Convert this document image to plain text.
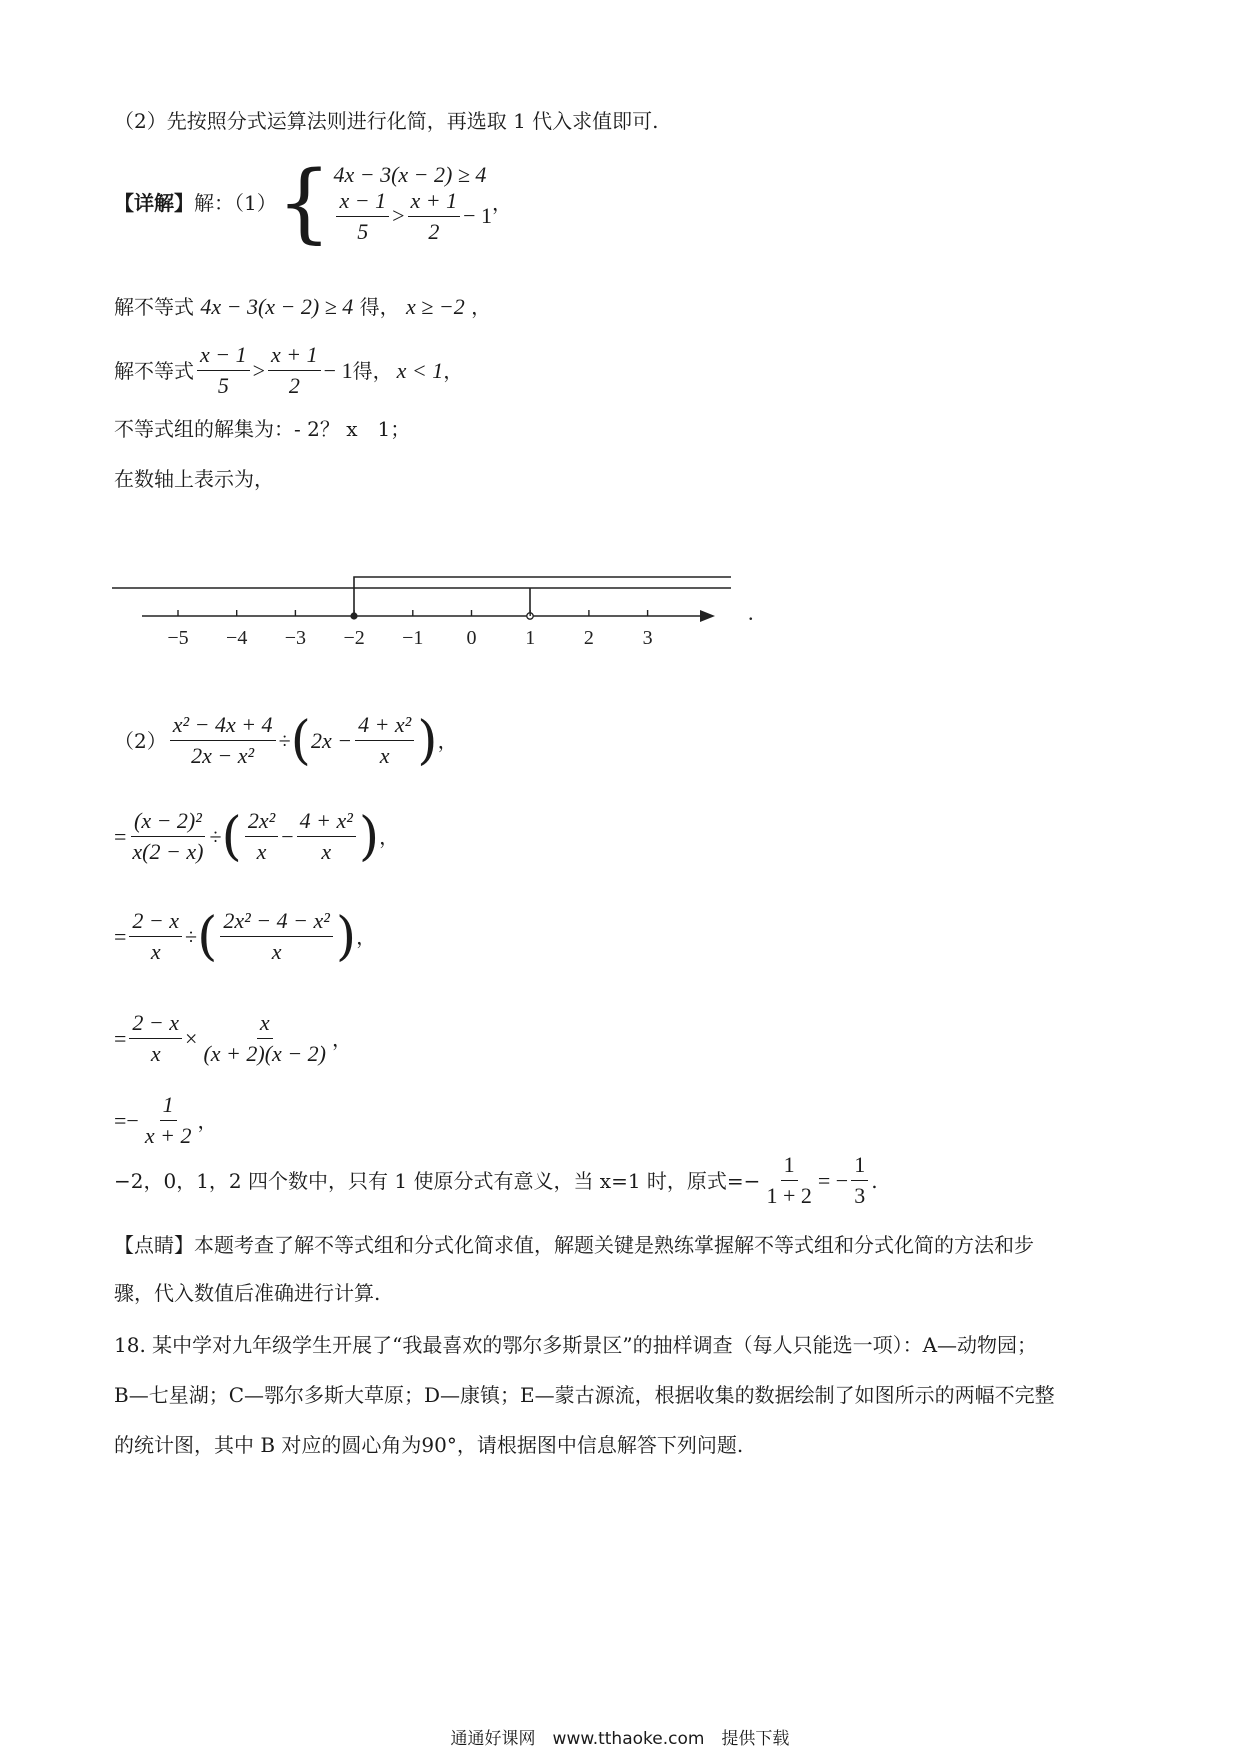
（2）先按照分式运算法则进行化简，再选取 1 代入求值即可.
【详解】 解：（1） { 4x − 3(x − 2) ≥ 4
$\frac{x - 1}{5} > \frac{x + 1}{2} - 1$ ，
解不等式 4x − 3(x − 2) ≥ 4 得， x ≥ −2 ，
解不等式 $\frac{x - 1}{5} > \frac{x + 1}{2} - 1$ 得， x < 1 ，
不等式组的解集为：- 2？ x　1；
在数轴上表示为，
−5 −4 −3 −2 −1 0 1 2 3
.
$(2) \frac{\text{x² − 4x + 4}}{\text{2x − x²}}$ ÷ ( $2x - \frac{\text{4 + x²}}{x}$ ) ，
= $\frac{\text{(x − 2)²}}{x(2 - x)}$ ÷ ( $\frac{\text{2x²}}{x} - \frac{\text{4 + x²}}{x}$ ) ，
= $\frac{2 - x}{x}$ ÷ ( $\frac{\text{2x² − 4 − x²}}{x}$ ) ，
= $\frac{2 - x}{x} \times \frac{x}{(x + 2)(x - 2)}$ ，
=− $\frac{1}{x + 2}$ ，
−2，0，1，2 四个数中，只有 1 使原分式有意义，当 x=1 时，原式=− $\frac{1}{1 + 2}$ = − $\frac{1}{3}$ .
【点睛】本题考查了解不等式组和分式化简求值，解题关键是熟练掌握解不等式组和分式化简的方法和步
骤，代入数值后准确进行计算.
18. 某中学对九年级学生开展了“我最喜欢的鄂尔多斯景区”的抽样调查（每人只能选一项）：A—动物园；
B—七星湖；C—鄂尔多斯大草原；D—康镇；E—蒙古源流，根据收集的数据绘制了如图所示的两幅不完整
的统计图，其中 B 对应的圆心角为90°，请根据图中信息解答下列问题.
通通好课网　www.tthaoke.com　提供下载
